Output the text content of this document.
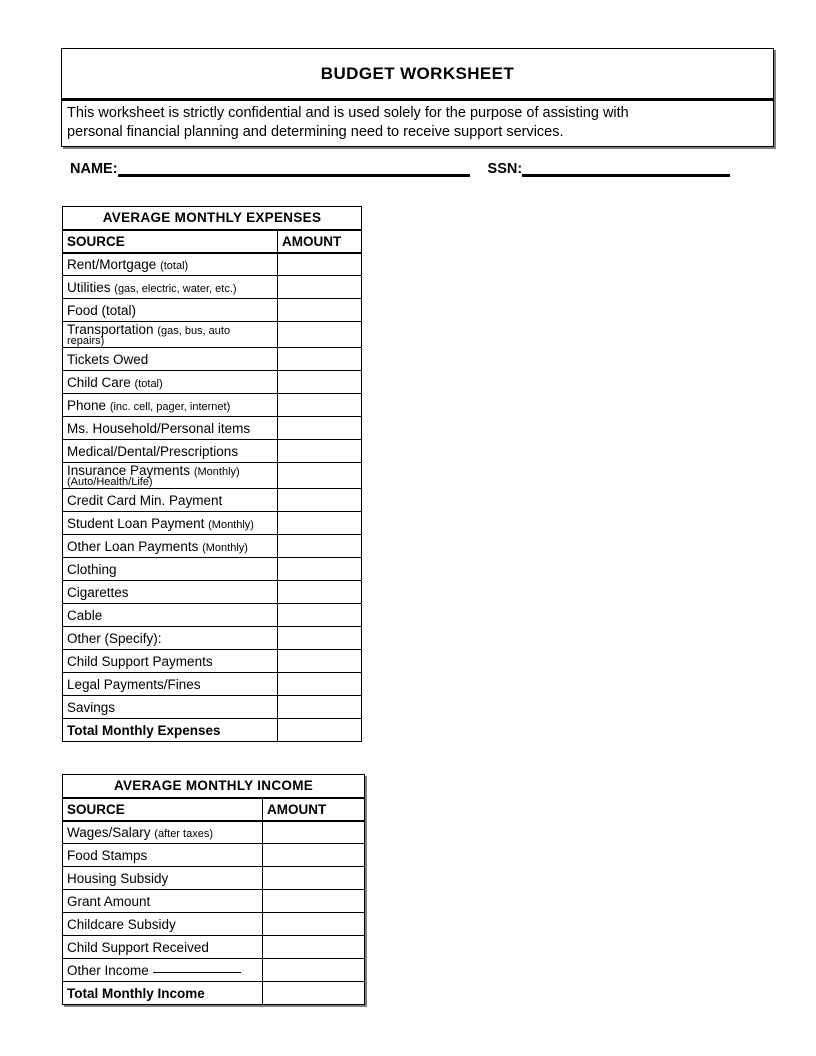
BUDGET WORKSHEET
This worksheet is strictly confidential and is used solely for the purpose of assisting with
personal financial planning and determining need to receive support services.
NAME:	SSN:
AVERAGE MONTHLY EXPENSES	
SOURCE	AMOUNT
Rent/Mortgage (total)	
Utilities (gas, electric, water, etc.)	
Food (total)	
Transportation (gas, bus, auto
repairs)	

Tickets Owed	
Child Care (total)	
Phone (inc. cell, pager, internet)	
Ms. Household/Personal items	
Medical/Dental/Prescriptions	
Insurance Payments (Monthly)
(Auto/Health/Life)	

Credit Card Min. Payment	
Student Loan Payment (Monthly)	
Other Loan Payments (Monthly)	
Clothing	
Cigarettes	
Cable	
Other (Specify):	
Child Support Payments	
Legal Payments/Fines	
Savings	
Total Monthly Expenses	
AVERAGE MONTHLY INCOME	
SOURCE	AMOUNT
Wages/Salary (after taxes)	
Food Stamps	
Housing Subsidy	
Grant Amount	
Childcare Subsidy	
Child Support Received	
Other Income	
Total Monthly Income	
